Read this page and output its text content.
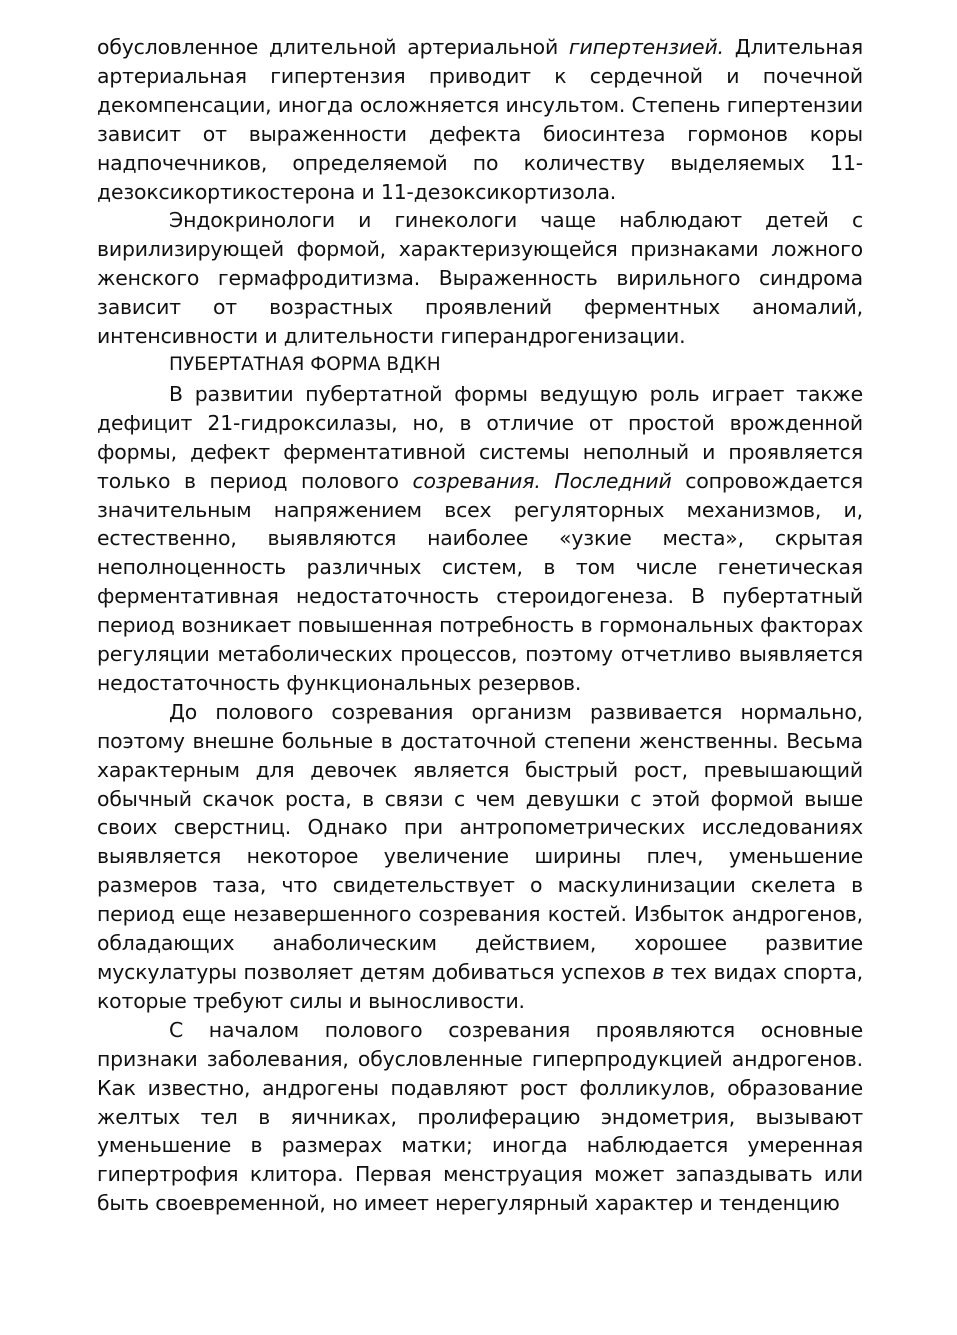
обусловленное длительной артериальной гипертензией. Длительная артериальная гипертензия приводит к сердечной и почечной декомпенсации, иногда осложняется инсультом. Степень гипертензии зависит от выраженности дефекта биосинтеза гормонов коры надпочечников, определяемой по количеству выделяемых 11-дезоксикортикостерона и 11-дезоксикортизола.

Эндокринологи и гинекологи чаще наблюдают детей с вирилизирующей формой, характеризующейся признаками ложного женского гермафродитизма. Выраженность вирильного синдрома зависит от возрастных проявлений ферментных аномалий, интенсивности и длительности гиперандрогенизации.

ПУБЕРТАТНАЯ ФОРМА ВДКН

В развитии пубертатной формы ведущую роль играет также дефицит 21-гидроксилазы, но, в отличие от простой врожденной формы, дефект ферментативной системы неполный и проявляется только в период полового созревания. Последний сопровождается значительным напряжением всех регуляторных механизмов, и, естественно, выявляются наиболее «узкие места», скрытая неполноценность различных систем, в том числе генетическая ферментативная недостаточность стероидогенеза. В пубертатный период возникает повышенная потребность в гормональных факторах регуляции метаболических процессов, поэтому отчетливо выявляется недостаточность функциональных резервов.

До полового созревания организм развивается нормально, поэтому внешне больные в достаточной степени женственны. Весьма характерным для девочек является быстрый рост, превышающий обычный скачок роста, в связи с чем девушки с этой формой выше своих сверстниц. Однако при антропометрических исследованиях выявляется некоторое увеличение ширины плеч, уменьшение размеров таза, что свидетельствует о маскулинизации скелета в период еще незавершенного созревания костей. Избыток андрогенов, обладающих анаболическим действием, хорошее развитие мускулатуры позволяет детям добиваться успехов в тех видах спорта, которые требуют силы и выносливости.

С началом полового созревания проявляются основные признаки заболевания, обусловленные гиперпродукцией андрогенов. Как известно, андрогены подавляют рост фолликулов, образование желтых тел в яичниках, пролиферацию эндометрия, вызывают уменьшение в размерах матки; иногда наблюдается умеренная гипертрофия клитора. Первая менструация может запаздывать или быть своевременной, но имеет нерегулярный характер и тенденцию
